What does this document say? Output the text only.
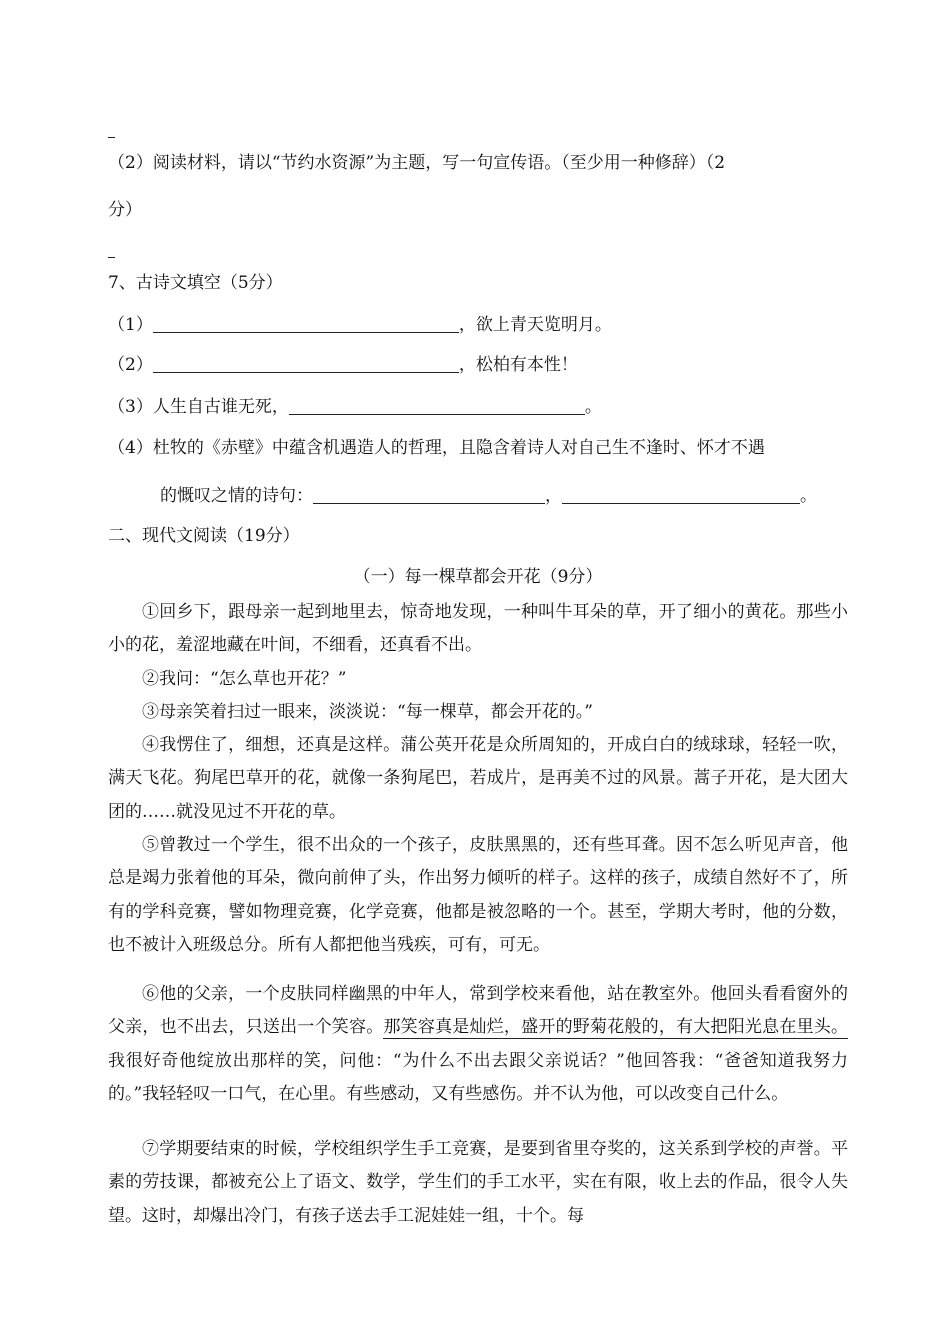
（2）阅读材料，请以“节约水资源”为主题，写一句宣传语。（至少用一种修辞）（2
分）
7、古诗文填空（5分）
（1）	，欲上青天览明月。
（2）	，松柏有本性！
（3）人生自古谁无死，	。
（4）杜牧的《赤壁》中蕴含机遇造人的哲理，且隐含着诗人对自己生不逢时、怀才不遇
的慨叹之情的诗句：	，	。
二、现代文阅读（19分）
（一）每一棵草都会开花（9分）
①回乡下，跟母亲一起到地里去，惊奇地发现，一种叫牛耳朵的草，开了细小的黄花。那些小小的花，羞涩地藏在叶间，不细看，还真看不出。
②我问：“怎么草也开花？”
③母亲笑着扫过一眼来，淡淡说：“每一棵草，都会开花的。”
④我愣住了，细想，还真是这样。蒲公英开花是众所周知的，开成白白的绒球球，轻轻一吹，满天飞花。狗尾巴草开的花，就像一条狗尾巴，若成片，是再美不过的风景。蒿子开花，是大团大团的……就没见过不开花的草。
⑤曾教过一个学生，很不出众的一个孩子，皮肤黑黑的，还有些耳聋。因不怎么听见声音，他总是竭力张着他的耳朵，微向前伸了头，作出努力倾听的样子。这样的孩子，成绩自然好不了，所有的学科竞赛，譬如物理竞赛，化学竞赛，他都是被忽略的一个。甚至，学期大考时，他的分数，也不被计入班级总分。所有人都把他当残疾，可有，可无。
⑥他的父亲，一个皮肤同样幽黑的中年人，常到学校来看他，站在教室外。他回头看看窗外的父亲，也不出去，只送出一个笑容。那笑容真是灿烂，盛开的野菊花般的，有大把阳光息在里头。我很好奇他绽放出那样的笑，问他：“为什么不出去跟父亲说话？”他回答我：“爸爸知道我努力的。”我轻轻叹一口气，在心里。有些感动，又有些感伤。并不认为他，可以改变自己什么。
⑦学期要结束的时候，学校组织学生手工竞赛，是要到省里夺奖的，这关系到学校的声誉。平素的劳技课，都被充公上了语文、数学，学生们的手工水平，实在有限，收上去的作品，很令人失望。这时，却爆出冷门，有孩子送去手工泥娃娃一组，十个。每
